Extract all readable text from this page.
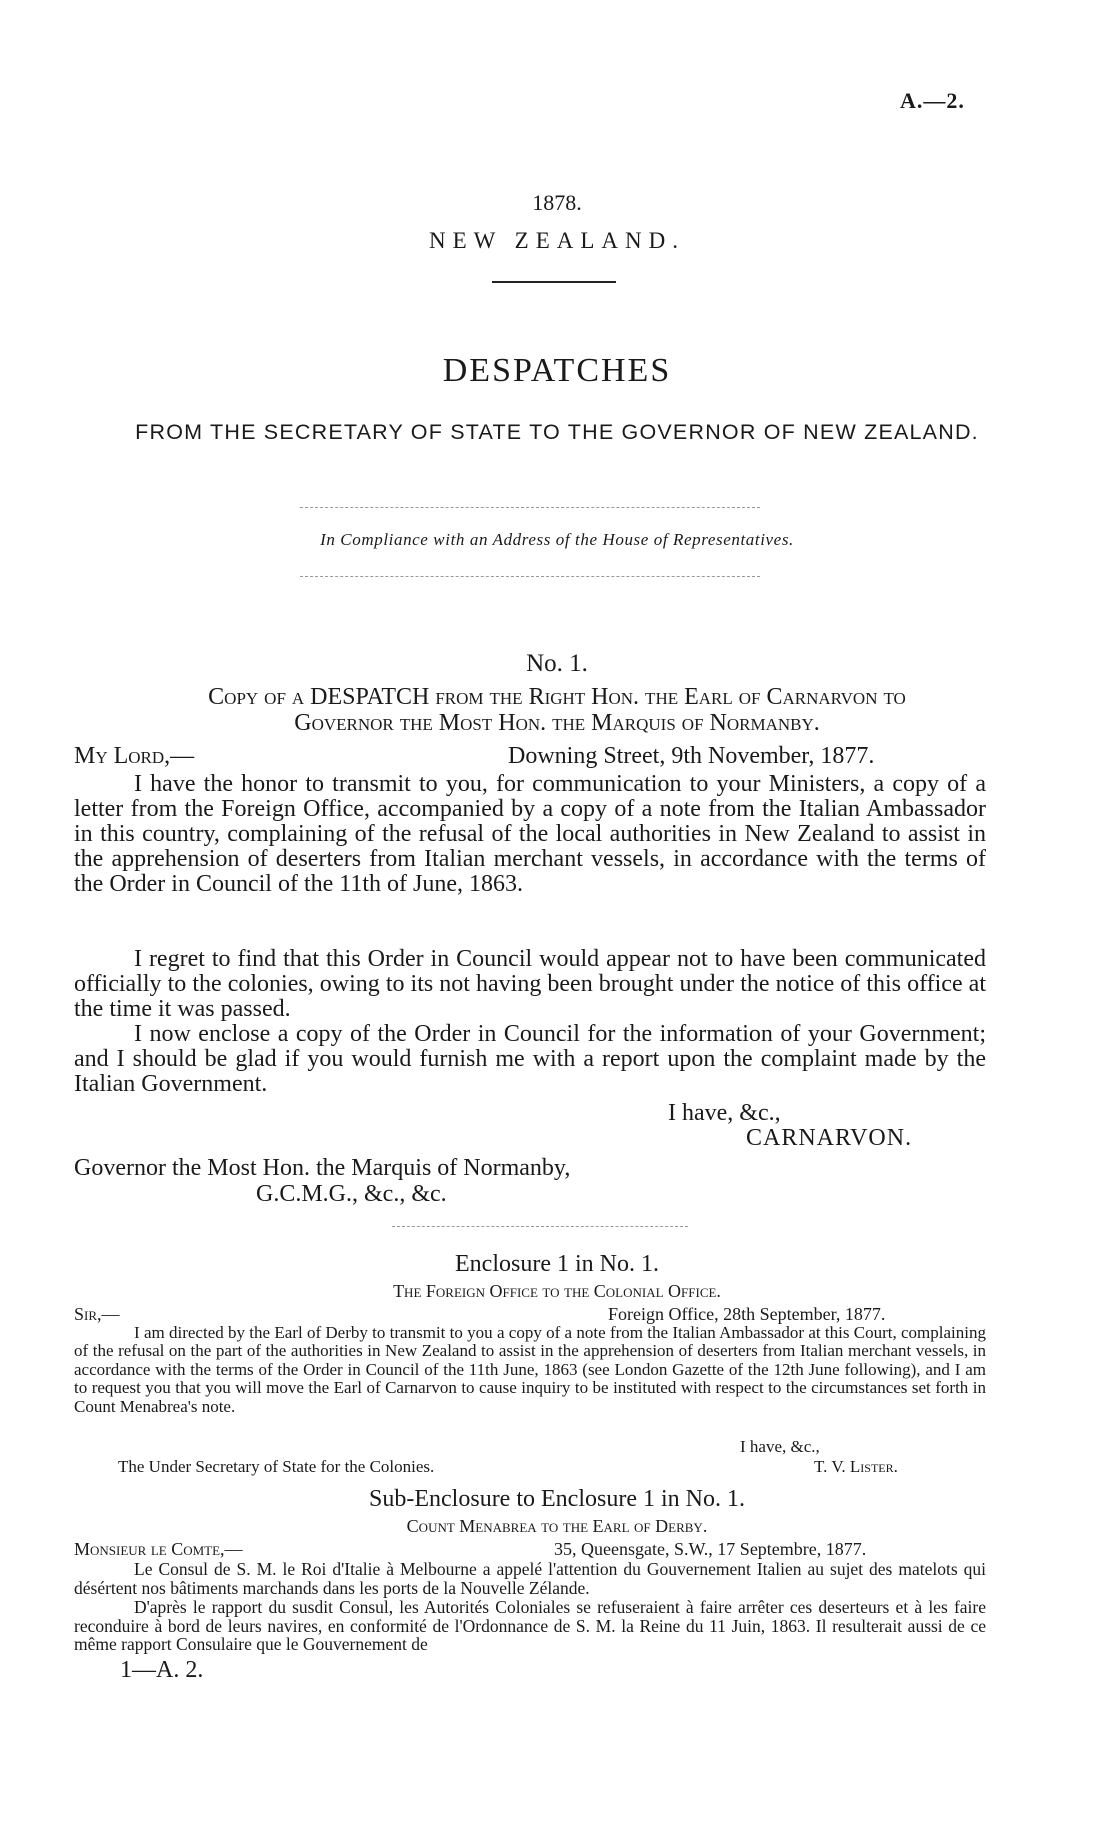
A.—2.
1878.
NEW ZEALAND.
DESPATCHES
FROM THE SECRETARY OF STATE TO THE GOVERNOR OF NEW ZEALAND.
In Compliance with an Address of the House of Representatives.
No. 1.
Copy of a DESPATCH from the Right Hon. the Earl of Carnarvon to
Governor the Most Hon. the Marquis of Normanby.
My Lord,—	Downing Street, 9th November, 1877.
I have the honor to transmit to you, for communication to your Ministers, a copy of a letter from the Foreign Office, accompanied by a copy of a note from the Italian Ambassador in this country, complaining of the refusal of the local authorities in New Zealand to assist in the apprehension of deserters from Italian merchant vessels, in accordance with the terms of the Order in Council of the 11th of June, 1863.
I regret to find that this Order in Council would appear not to have been communicated officially to the colonies, owing to its not having been brought under the notice of this office at the time it was passed.
I now enclose a copy of the Order in Council for the information of your Government; and I should be glad if you would furnish me with a report upon the complaint made by the Italian Government.
I have, &c.,
CARNARVON.
Governor the Most Hon. the Marquis of Normanby,
G.C.M.G., &c., &c.
Enclosure 1 in No. 1.
The Foreign Office to the Colonial Office.
Sir,—	Foreign Office, 28th September, 1877.
I am directed by the Earl of Derby to transmit to you a copy of a note from the Italian Ambassador at this Court, complaining of the refusal on the part of the authorities in New Zealand to assist in the apprehension of deserters from Italian merchant vessels, in accordance with the terms of the Order in Council of the 11th June, 1863 (see London Gazette of the 12th June following), and I am to request you that you will move the Earl of Carnarvon to cause inquiry to be instituted with respect to the circumstances set forth in Count Menabrea's note.
I have, &c.,
The Under Secretary of State for the Colonies.	T. V. Lister.
Sub-Enclosure to Enclosure 1 in No. 1.
Count Menabrea to the Earl of Derby.
Monsieur le Comte,—	35, Queensgate, S.W., 17 Septembre, 1877.
Le Consul de S. M. le Roi d'Italie à Melbourne a appelé l'attention du Gouvernement Italien au sujet des matelots qui désértent nos bâtiments marchands dans les ports de la Nouvelle Zélande.
D'après le rapport du susdit Consul, les Autorités Coloniales se refuseraient à faire arrêter ces deserteurs et à les faire reconduire à bord de leurs navires, en conformité de l'Ordonnance de S. M. la Reine du 11 Juin, 1863. Il resulterait aussi de ce même rapport Consulaire que le Gouvernement de
1—A. 2.
